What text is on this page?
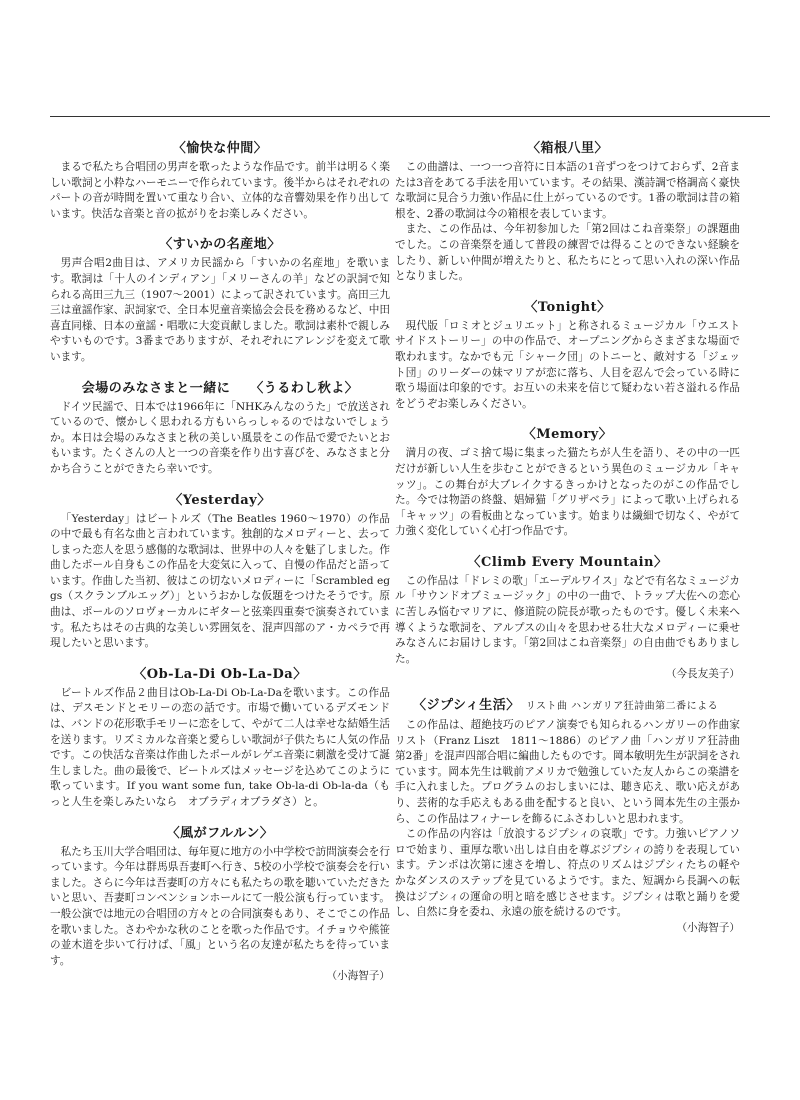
〈愉快な仲間〉

まるで私たち合唱団の男声を歌ったような作品です。前半は明るく楽しい歌詞と小粋なハーモニーで作られています。後半からはそれぞれのパートの音が時間を置いて重なり合い、立体的な音響効果を作り出しています。快活な音楽と音の拡がりをお楽しみください。

〈すいかの名産地〉

男声合唱2曲目は、アメリカ民謡から「すいかの名産地」を歌います。歌詞は「十人のインディアン」「メリーさんの羊」などの訳詞で知られる高田三九三（1907〜2001）によって訳されています。高田三九三は童謡作家、訳詞家で、全日本児童音楽協会会長を務めるなど、中田喜直同様、日本の童謡・唱歌に大変貢献しました。歌詞は素朴で親しみやすいものです。3番までありますが、それぞれにアレンジを変えて歌います。

会場のみなさまと一緒に 〈うるわし秋よ〉

ドイツ民謡で、日本では1966年に「NHKみんなのうた」で放送されているので、懐かしく思われる方もいらっしゃるのではないでしょうか。本日は会場のみなさまと秋の美しい風景をこの作品で愛でたいとおもいます。たくさんの人と一つの音楽を作り出す喜びを、みなさまと分かち合うことができたら幸いです。

〈Yesterday〉

「Yesterday」はビートルズ（The Beatles 1960〜1970）の作品の中で最も有名な曲と言われています。独創的なメロディーと、去ってしまった恋人を思う感傷的な歌詞は、世界中の人々を魅了しました。作曲したポール自身もこの作品を大変気に入って、自慢の作品だと語っています。作曲した当初、彼はこの切ないメロディーに「Scrambled eggs（スクランブルエッグ）」というおかしな仮題をつけたそうです。原曲は、ポールのソロヴォーカルにギターと弦楽四重奏で演奏されています。私たちはその古典的な美しい雰囲気を、混声四部のア・カペラで再現したいと思います。

〈Ob-La-Di Ob-La-Da〉

ビートルズ作品２曲目はOb-La-Di Ob-La-Daを歌います。この作品は、デスモンドとモリーの恋の話です。市場で働いているデズモンドは、バンドの花形歌手モリーに恋をして、やがて二人は幸せな結婚生活を送ります。リズミカルな音楽と愛らしい歌詞が子供たちに人気の作品です。この快活な音楽は作曲したポールがレゲエ音楽に刺激を受けて誕生しました。曲の最後で、ビートルズはメッセージを込めてこのように歌っています。If you want some fun, take Ob-la-di Ob-la-da（もっと人生を楽しみたいなら　オブラディオブラダさ）と。

〈風がフルルン〉

私たち玉川大学合唱団は、毎年夏に地方の小中学校で訪問演奏会を行っています。今年は群馬県吾妻町へ行き、5校の小学校で演奏会を行いました。さらに今年は吾妻町の方々にも私たちの歌を聴いていただきたいと思い、吾妻町コンベンションホールにて一般公演も行っています。一般公演では地元の合唱団の方々との合同演奏もあり、そこでこの作品を歌いました。さわやかな秋のことを歌った作品です。イチョウや熊笹の並木道を歩いて行けば、「風」という名の友達が私たちを待っています。

（小海智子）

〈箱根八里〉

この曲譜は、一つ一つ音符に日本語の1音ずつをつけておらず、2音または3音をあてる手法を用いています。その結果、漢詩調で格調高く豪快な歌詞に見合う力強い作品に仕上がっているのです。1番の歌詞は昔の箱根を、2番の歌詞は今の箱根を表しています。

また、この作品は、今年初参加した「第2回はこね音楽祭」の課題曲でした。この音楽祭を通して普段の練習では得ることのできない経験をしたり、新しい仲間が増えたりと、私たちにとって思い入れの深い作品となりました。

〈Tonight〉

現代版「ロミオとジュリエット」と称されるミュージカル「ウエストサイドストーリー」の中の作品で、オープニングからさまざまな場面で歌われます。なかでも元「シャーク団」のトニーと、敵対する「ジェット団」のリーダーの妹マリアが恋に落ち、人目を忍んで会っている時に歌う場面は印象的です。お互いの未来を信じて疑わない若さ溢れる作品をどうぞお楽しみください。

〈Memory〉

満月の夜、ゴミ捨て場に集まった猫たちが人生を語り、その中の一匹だけが新しい人生を歩むことができるという異色のミュージカル「キャッツ」。この舞台が大ブレイクするきっかけとなったのがこの作品でした。今では物語の終盤、娼婦猫「グリザベラ」によって歌い上げられる「キャッツ」の看板曲となっています。始まりは繊細で切なく、やがて力強く変化していく心打つ作品です。

〈Climb Every Mountain〉

この作品は「ドレミの歌」「エーデルワイス」などで有名なミュージカル「サウンドオブミュージック」の中の一曲で、トラップ大佐への恋心に苦しみ悩むマリアに、修道院の院長が歌ったものです。優しく未来へ導くような歌詞を、アルプスの山々を思わせる壮大なメロディーに乗せみなさんにお届けします。「第2回はこね音楽祭」の自由曲でもありました。

（今長友美子）

〈ジプシィ生活〉 リスト曲 ハンガリア狂詩曲第二番による

この作品は、超絶技巧のピアノ演奏でも知られるハンガリーの作曲家リスト（Franz Liszt　1811〜1886）のピアノ曲「ハンガリア狂詩曲第2番」を混声四部合唱に編曲したものです。岡本敏明先生が訳詞をされています。岡本先生は戦前アメリカで勉強していた友人からこの楽譜を手に入れました。プログラムのおしまいには、聴き応え、歌い応えがあり、芸術的な手応えもある曲を配すると良い、という岡本先生の主張から、この作品はフィナーレを飾るにふさわしいと思われます。

この作品の内容は「放浪するジプシィの哀歌」です。力強いピアノソロで始まり、重厚な歌い出しは自由を尊ぶジプシィの誇りを表現しています。テンポは次第に速さを増し、符点のリズムはジプシィたちの軽やかなダンスのステップを見ているようです。また、短調から長調への転換はジプシィの運命の明と暗を感じさせます。ジプシィは歌と踊りを愛し、自然に身を委ね、永遠の旅を続けるのです。

（小海智子）
